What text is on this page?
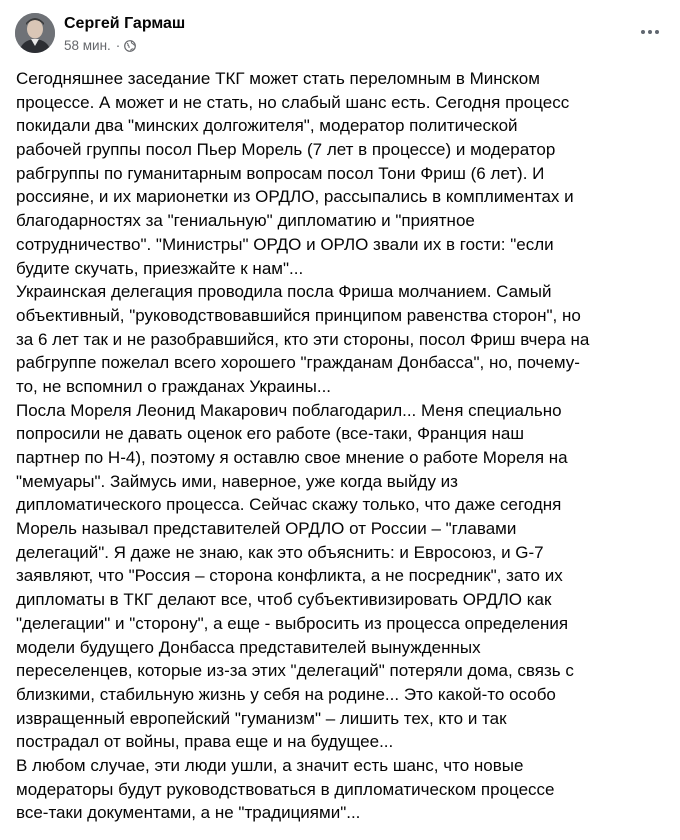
Сергей Гармаш
58 мин. ·
Сегодняшнее заседание ТКГ может стать переломным в Минском
процессе. А может и не стать, но слабый шанс есть. Сегодня процесс
покидали два "минских долгожителя", модератор политической
рабочей группы посол Пьер Морель (7 лет в процессе) и модератор
рабгруппы по гуманитарным вопросам посол Тони Фриш (6 лет). И
россияне, и их марионетки из ОРДЛО, рассыпались в комплиментах и
благодарностях за "гениальную" дипломатию и "приятное
сотрудничество". "Министры" ОРДО и ОРЛО звали их в гости: "если
будите скучать, приезжайте к нам"...
Украинская делегация проводила посла Фриша молчанием. Самый
объективный, "руководствовавшийся принципом равенства сторон", но
за 6 лет так и не разобравшийся, кто эти стороны, посол Фриш вчера на
рабгруппе пожелал всего хорошего "гражданам Донбасса", но, почему-
то, не вспомнил о гражданах Украины...
Посла Мореля Леонид Макарович поблагодарил... Меня специально
попросили не давать оценок его работе (все-таки, Франция наш
партнер по Н-4), поэтому я оставлю свое мнение о работе Мореля на
"мемуары". Займусь ими, наверное, уже когда выйду из
дипломатического процесса. Сейчас скажу только, что даже сегодня
Морель называл представителей ОРДЛО от России – "главами
делегаций". Я даже не знаю, как это объяснить: и Евросоюз, и G-7
заявляют, что "Россия – сторона конфликта, а не посредник", зато их
дипломаты в ТКГ делают все, чтоб субъективизировать ОРДЛО как
"делегации" и "сторону", а еще - выбросить из процесса определения
модели будущего Донбасса представителей вынужденных
переселенцев, которые из-за этих "делегаций" потеряли дома, связь с
близкими, стабильную жизнь у себя на родине... Это какой-то особо
извращенный европейский "гуманизм" – лишить тех, кто и так
пострадал от войны, права еще и на будущее...
В любом случае, эти люди ушли, а значит есть шанс, что новые
модераторы будут руководствоваться в дипломатическом процессе
все-таки документами, а не "традициями"...
